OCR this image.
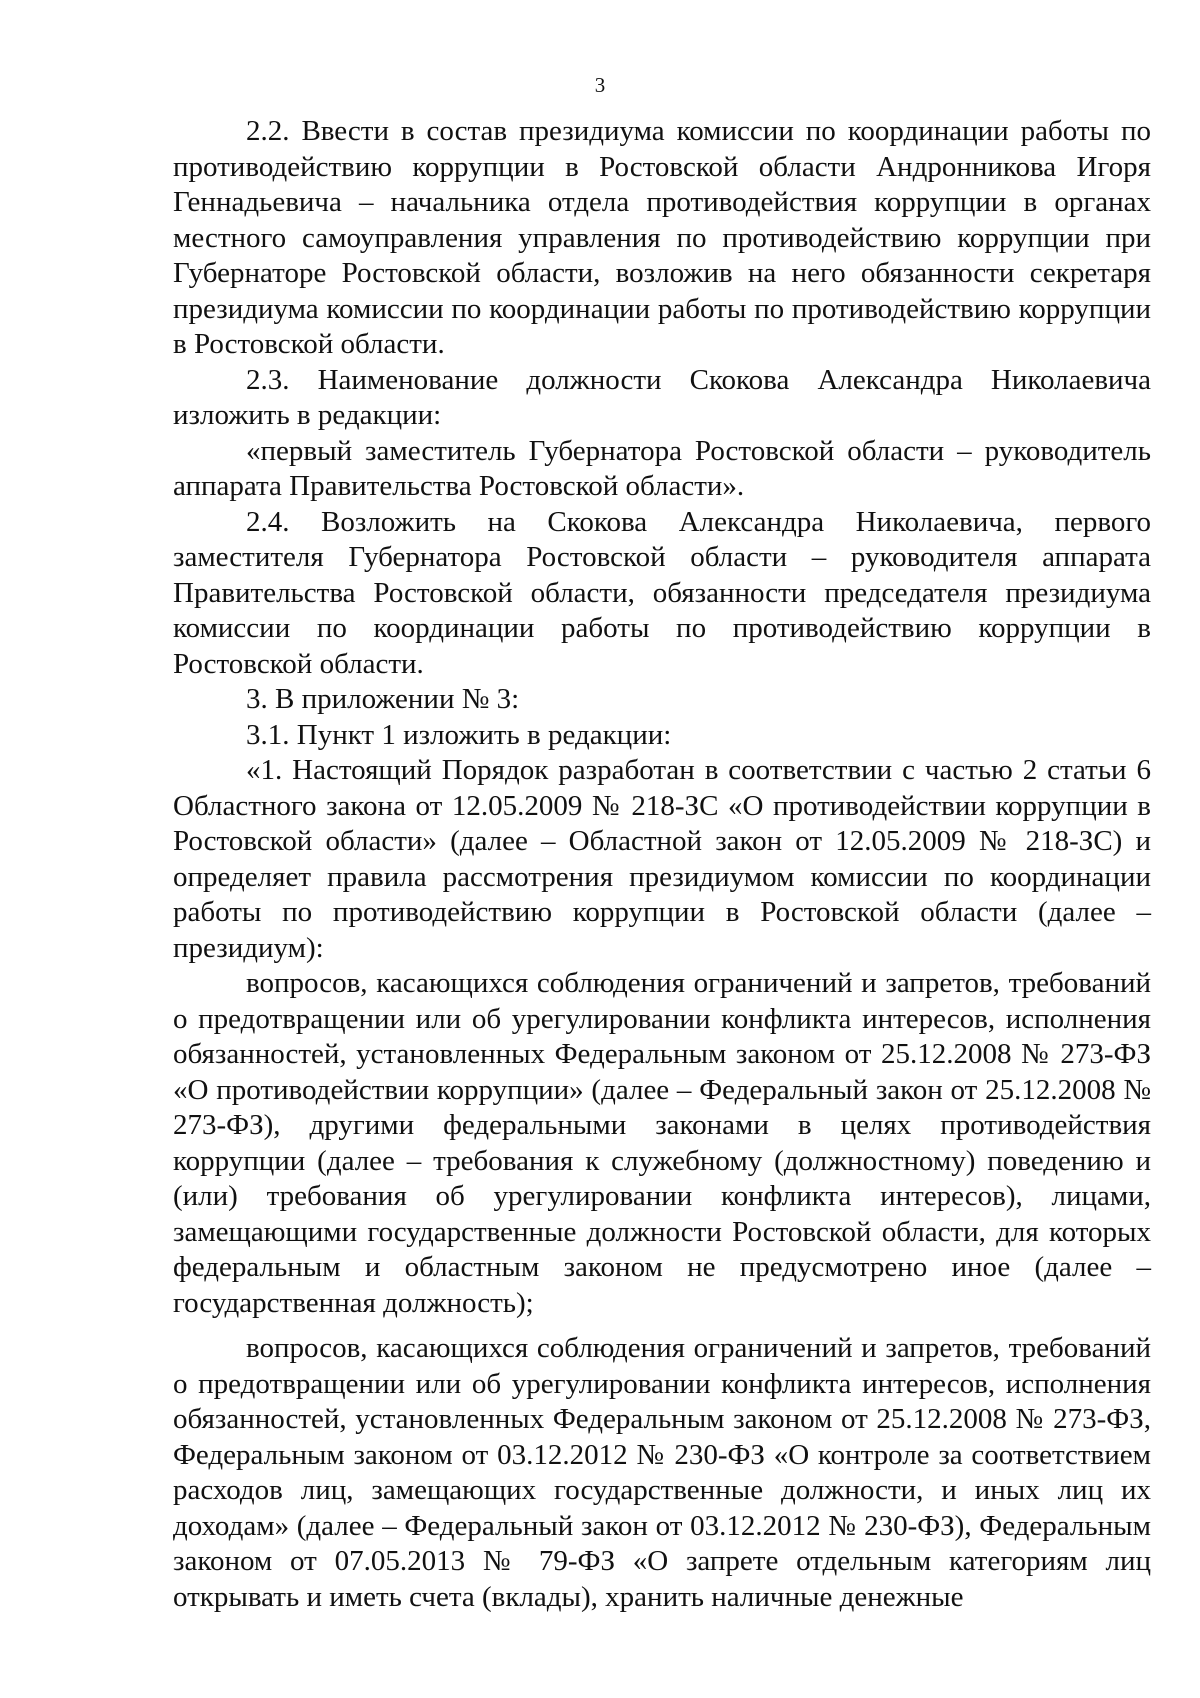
3

2.2. Ввести в состав президиума комиссии по координации работы по противодействию коррупции в Ростовской области Андронникова Игоря Геннадьевича – начальника отдела противодействия коррупции в органах местного самоуправления управления по противодействию коррупции при Губернаторе Ростовской области, возложив на него обязанности секретаря президиума комиссии по координации работы по противодействию коррупции в Ростовской области.

2.3. Наименование должности Скокова Александра Николаевича изложить в редакции:

«первый заместитель Губернатора Ростовской области – руководитель аппарата Правительства Ростовской области».

2.4. Возложить на Скокова Александра Николаевича, первого заместителя Губернатора Ростовской области – руководителя аппарата Правительства Ростовской области, обязанности председателя президиума комиссии по координации работы по противодействию коррупции в Ростовской области.

3. В приложении № 3:

3.1. Пункт 1 изложить в редакции:

«1. Настоящий Порядок разработан в соответствии с частью 2 статьи 6 Областного закона от 12.05.2009 № 218-ЗС «О противодействии коррупции в Ростовской области» (далее – Областной закон от 12.05.2009 № 218-ЗС) и определяет правила рассмотрения президиумом комиссии по координации работы по противодействию коррупции в Ростовской области (далее – президиум):

вопросов, касающихся соблюдения ограничений и запретов, требований о предотвращении или об урегулировании конфликта интересов, исполнения обязанностей, установленных Федеральным законом от 25.12.2008 № 273-ФЗ «О противодействии коррупции» (далее – Федеральный закон от 25.12.2008 № 273-ФЗ), другими федеральными законами в целях противодействия коррупции (далее – требования к служебному (должностному) поведению и (или) требования об урегулировании конфликта интересов), лицами, замещающими государственные должности Ростовской области, для которых федеральным и областным законом не предусмотрено иное (далее – государственная должность);

вопросов, касающихся соблюдения ограничений и запретов, требований о предотвращении или об урегулировании конфликта интересов, исполнения обязанностей, установленных Федеральным законом от 25.12.2008 № 273-ФЗ, Федеральным законом от 03.12.2012 № 230-ФЗ «О контроле за соответствием расходов лиц, замещающих государственные должности, и иных лиц их доходам» (далее – Федеральный закон от 03.12.2012 № 230-ФЗ), Федеральным законом от 07.05.2013 № 79-ФЗ «О запрете отдельным категориям лиц открывать и иметь счета (вклады), хранить наличные денежные
